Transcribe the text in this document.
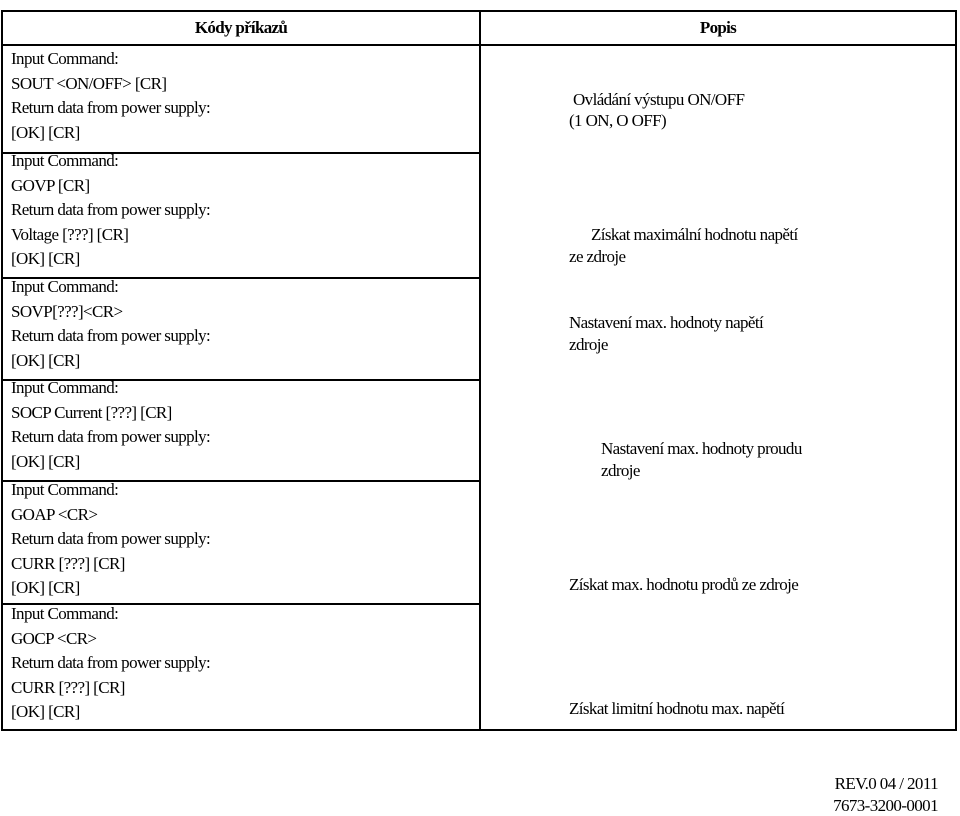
Kódy příkazů	Popis
Input Command:
SOUT <ON/OFF> [CR]
Return data from power supply:
[OK] [CR]
Input Command:
GOVP [CR]
Return data from power supply:
Voltage [???] [CR]
[OK] [CR]
Input Command:
SOVP[???]<CR>
Return data from power supply:
[OK] [CR]
Input Command:
SOCP Current [???] [CR]
Return data from power supply:
[OK] [CR]
Input Command:
GOAP <CR>
Return data from power supply:
CURR [???] [CR]
[OK] [CR]
Input Command:
GOCP <CR>
Return data from power supply:
CURR [???] [CR]
[OK] [CR]
Ovládání výstupu ON/OFF
(1 ON, O OFF)
Získat maximální hodnotu napětí
ze zdroje
Nastavení max. hodnoty napětí
zdroje
Nastavení max. hodnoty proudu
zdroje
Získat max. hodnotu prodů ze zdroje
Získat limitní hodnotu max. napětí
REV.0 04 / 2011
7673-3200-0001
